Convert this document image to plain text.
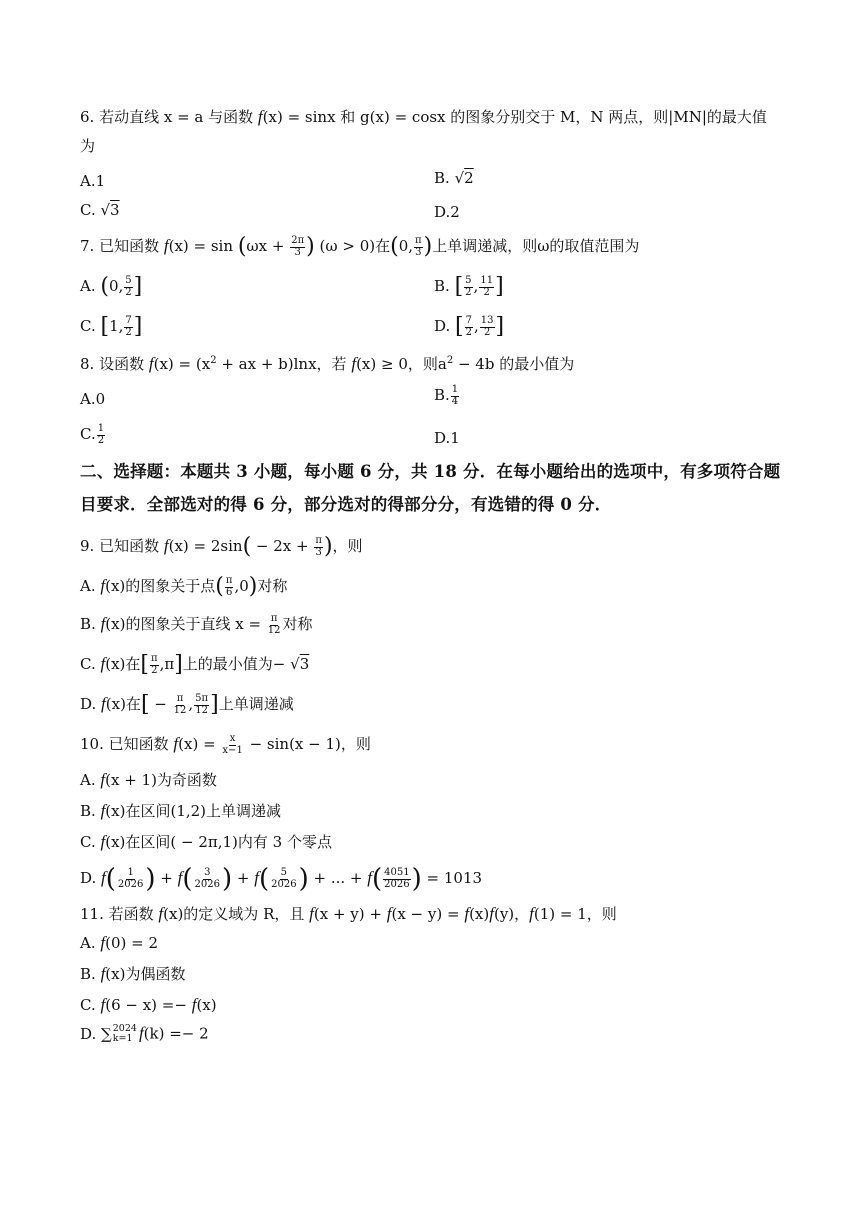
6. 若动直线 x = a 与函数 f(x) = sinx 和 g(x) = cosx 的图象分别交于 M，N 两点，则|MN|的最大值
为
A.1	B. √2
C. √3	D.2
7. 已知函数 $f(x) = \sin (\omega x + \frac{2\pi}{3}$ ) (ω > 0)在(0, $\frac{\pi}{3}$ )上单调递减，则ω的取值范围为
A. (0, $\frac{5}{2}$ ]	B. [ $\frac{5}{2}$ , $\frac{11}{2}$ ]
C. [1, $\frac{7}{2}$ ]	D. [ $\frac{7}{2}$ , $\frac{13}{2}$ ]
8. 设函数 $f(x) = (x^2$ + ax + b)lnx，若 f(x) ≥ 0，则$a^2 - 4b$ 的最小值为
A.0	B. $\frac{1}{4}$
C. $\frac{1}{2}$	D.1
二、选择题：本题共 3 小题，每小题 6 分，共 18 分．在每小题给出的选项中，有多项符合题
目要求．全部选对的得 6 分，部分选对的得部分分，有选错的得 0 分．
9. 已知函数 $f(x) = 2\sin( - 2x + \frac{\pi}{3}$ )，则
A. f(x)的图象关于点( $\frac{\pi}{6} ,0$)对称
B. f(x)的图象关于直线 $x = \frac{\pi}{12}$ 对称
C. f(x)在[ $\frac{\pi}{2} ,\pi$]上的最小值为− √3
D. f(x)在[ − $\frac{\pi}{12}$ , $\frac{5\pi}{12}$ ]上单调递减
10. 已知函数 $f(x) = \frac{x}{x-1} - \sin(x - 1)$，则
A. f(x + 1)为奇函数
B. f(x)在区间(1,2)上单调递减
C. f(x)在区间( − 2π,1)内有 3 个零点
D. $f( \frac{1}{2026}$ ) + $f( \frac{3}{2026}$ ) + $f( \frac{5}{2026}$ ) + ... + $f( \frac{4051}{2026}$ ) = 1013
11. 若函数 f(x)的定义域为 R，且 f(x + y) + f(x − y) = f(x)f(y)，f(1) = 1，则
A. f(0) = 2
B. f(x)为偶函数
C. f(6 − x) =− f(x)
D. ∑ 2024
k=1 f(k) =− 2
